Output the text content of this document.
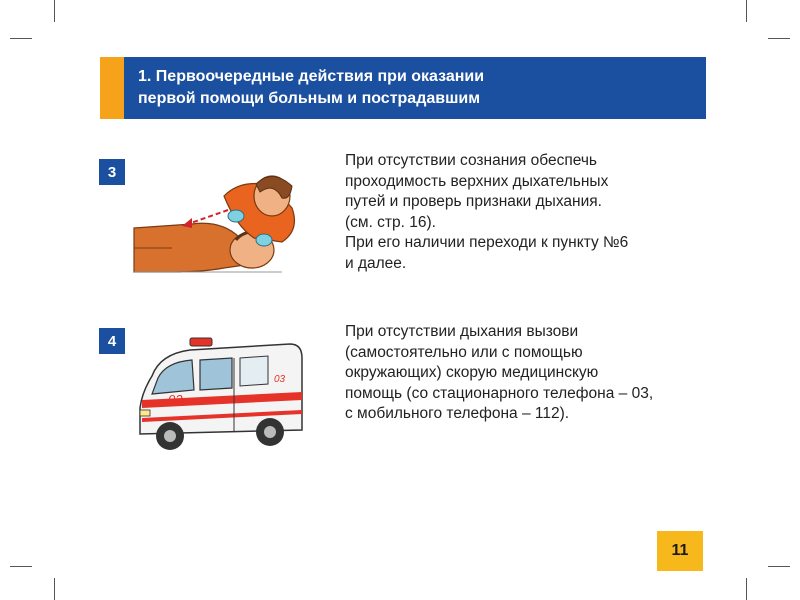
1. Первоочередные действия при оказании
первой помощи больным и пострадавшим
3
При отсутствии сознания обеспечь
проходимость верхних дыхательных
путей и проверь признаки дыхания.
(см. стр. 16).
При его наличии переходи к пункту №6
и далее.
4
03
03
При отсутствии дыхания вызови
(самостоятельно или с помощью
окружающих) скорую медицинскую
помощь (со стационарного телефона – 03,
с мобильного телефона – 112).
11
